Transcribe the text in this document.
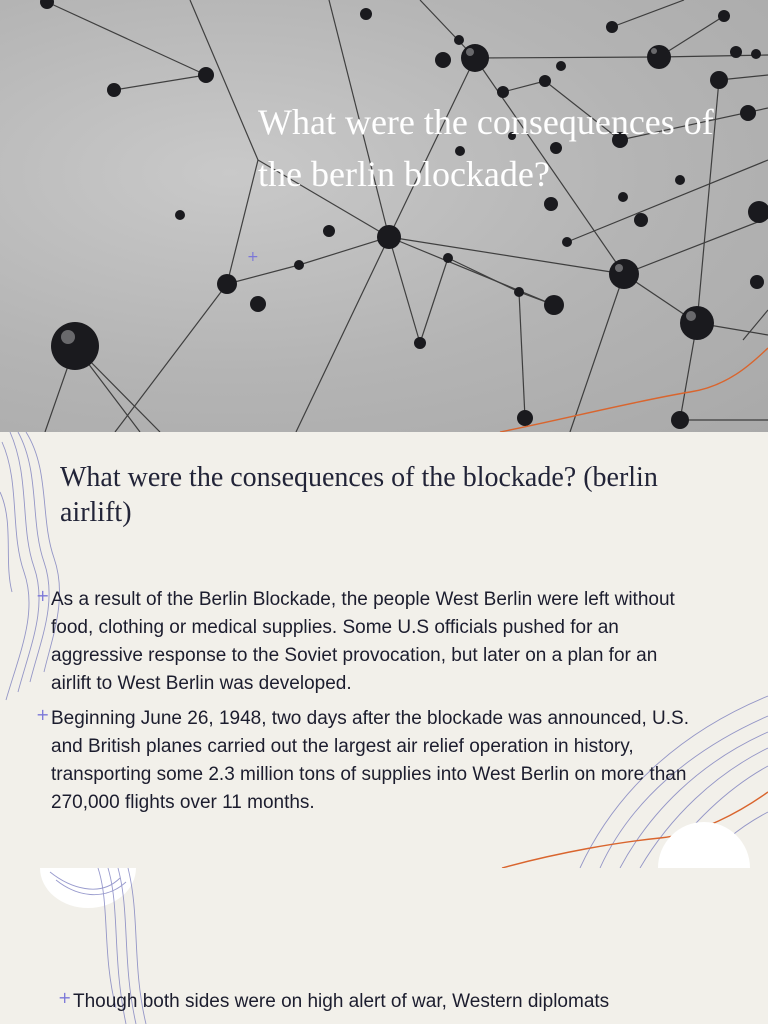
What were the consequences of the berlin blockade?
+
What were the consequences of the blockade? (berlin airlift)
+ As a result of the Berlin Blockade, the people West Berlin were left without food, clothing or medical supplies. Some U.S officials pushed for an aggressive response to the Soviet provocation, but later on a plan for an airlift to West Berlin was developed.
+ Beginning June 26, 1948, two days after the blockade was announced, U.S. and British planes carried out the largest air relief operation in history, transporting some 2.3 million tons of supplies into West Berlin on more than 270,000 flights over 11 months.
+ Though both sides were on high alert of war, Western diplomats
